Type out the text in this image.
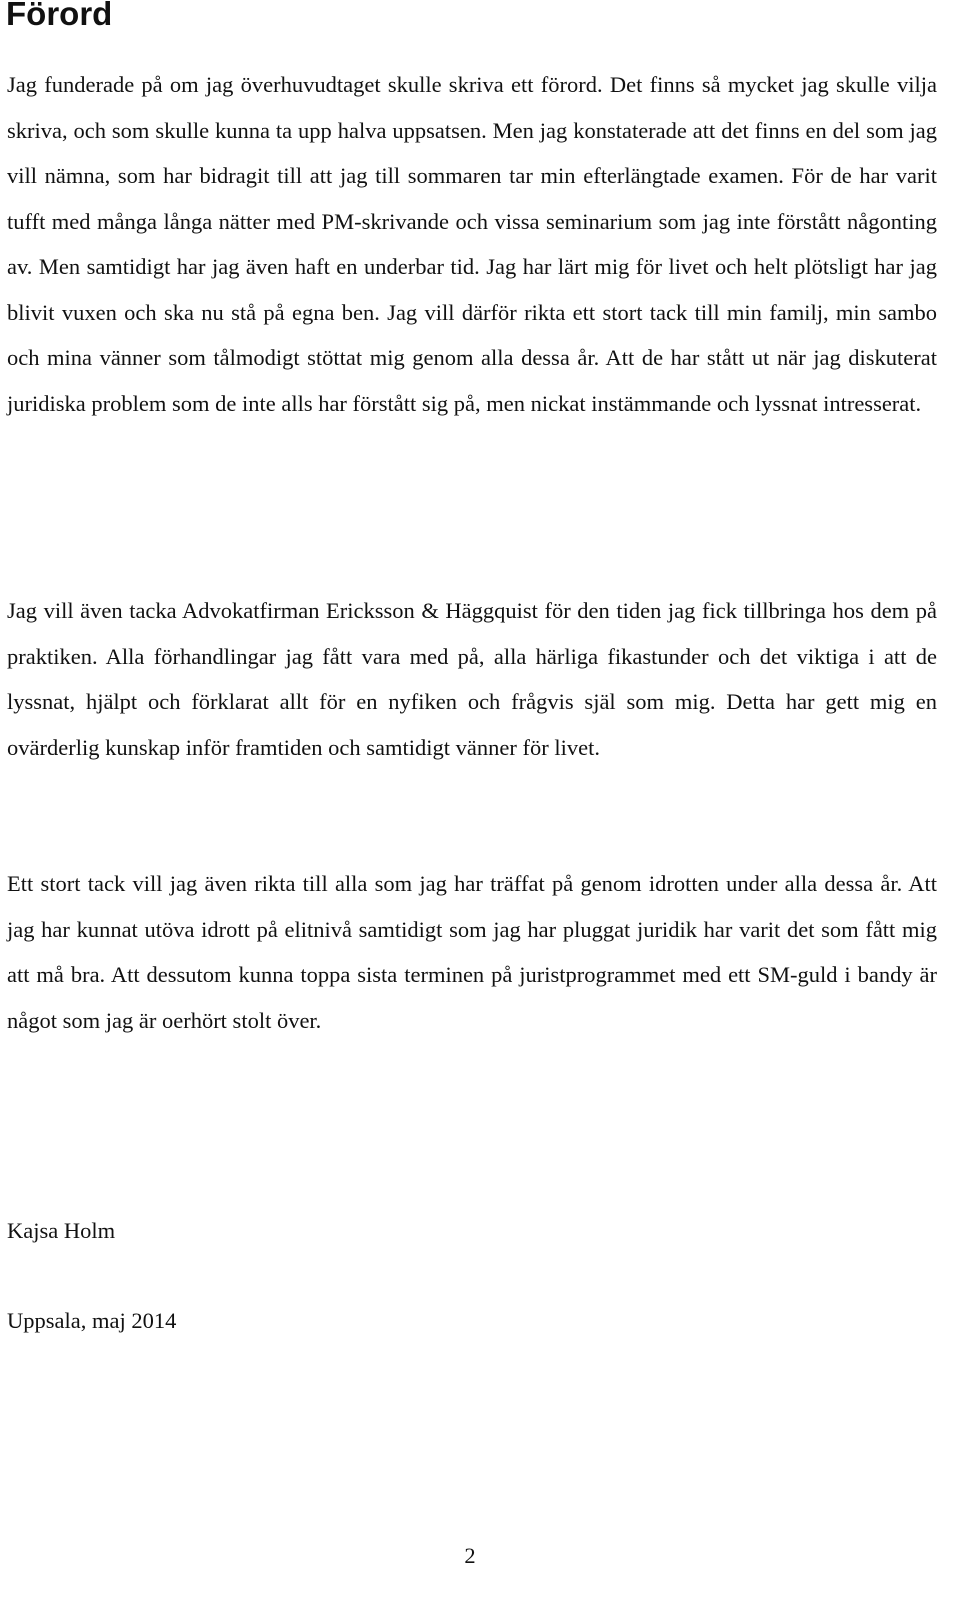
Förord

Jag funderade på om jag överhuvudtaget skulle skriva ett förord. Det finns så mycket jag skulle vilja skriva, och som skulle kunna ta upp halva uppsatsen. Men jag konstaterade att det finns en del som jag vill nämna, som har bidragit till att jag till sommaren tar min efterlängtade examen. För de har varit tufft med många långa nätter med PM-skrivande och vissa seminarium som jag inte förstått någonting av. Men samtidigt har jag även haft en underbar tid. Jag har lärt mig för livet och helt plötsligt har jag blivit vuxen och ska nu stå på egna ben. Jag vill därför rikta ett stort tack till min familj, min sambo och mina vänner som tålmodigt stöttat mig genom alla dessa år. Att de har stått ut när jag diskuterat juridiska problem som de inte alls har förstått sig på, men nickat instämmande och lyssnat intresserat.

Jag vill även tacka Advokatfirman Ericksson & Häggquist för den tiden jag fick tillbringa hos dem på praktiken. Alla förhandlingar jag fått vara med på, alla härliga fikastunder och det viktiga i att de lyssnat, hjälpt och förklarat allt för en nyfiken och frågvis själ som mig. Detta har gett mig en ovärderlig kunskap inför framtiden och samtidigt vänner för livet.

Ett stort tack vill jag även rikta till alla som jag har träffat på genom idrotten under alla dessa år. Att jag har kunnat utöva idrott på elitnivå samtidigt som jag har pluggat juridik har varit det som fått mig att må bra. Att dessutom kunna toppa sista terminen på juristprogrammet med ett SM-guld i bandy är något som jag är oerhört stolt över.

Kajsa Holm

Uppsala, maj 2014

2
